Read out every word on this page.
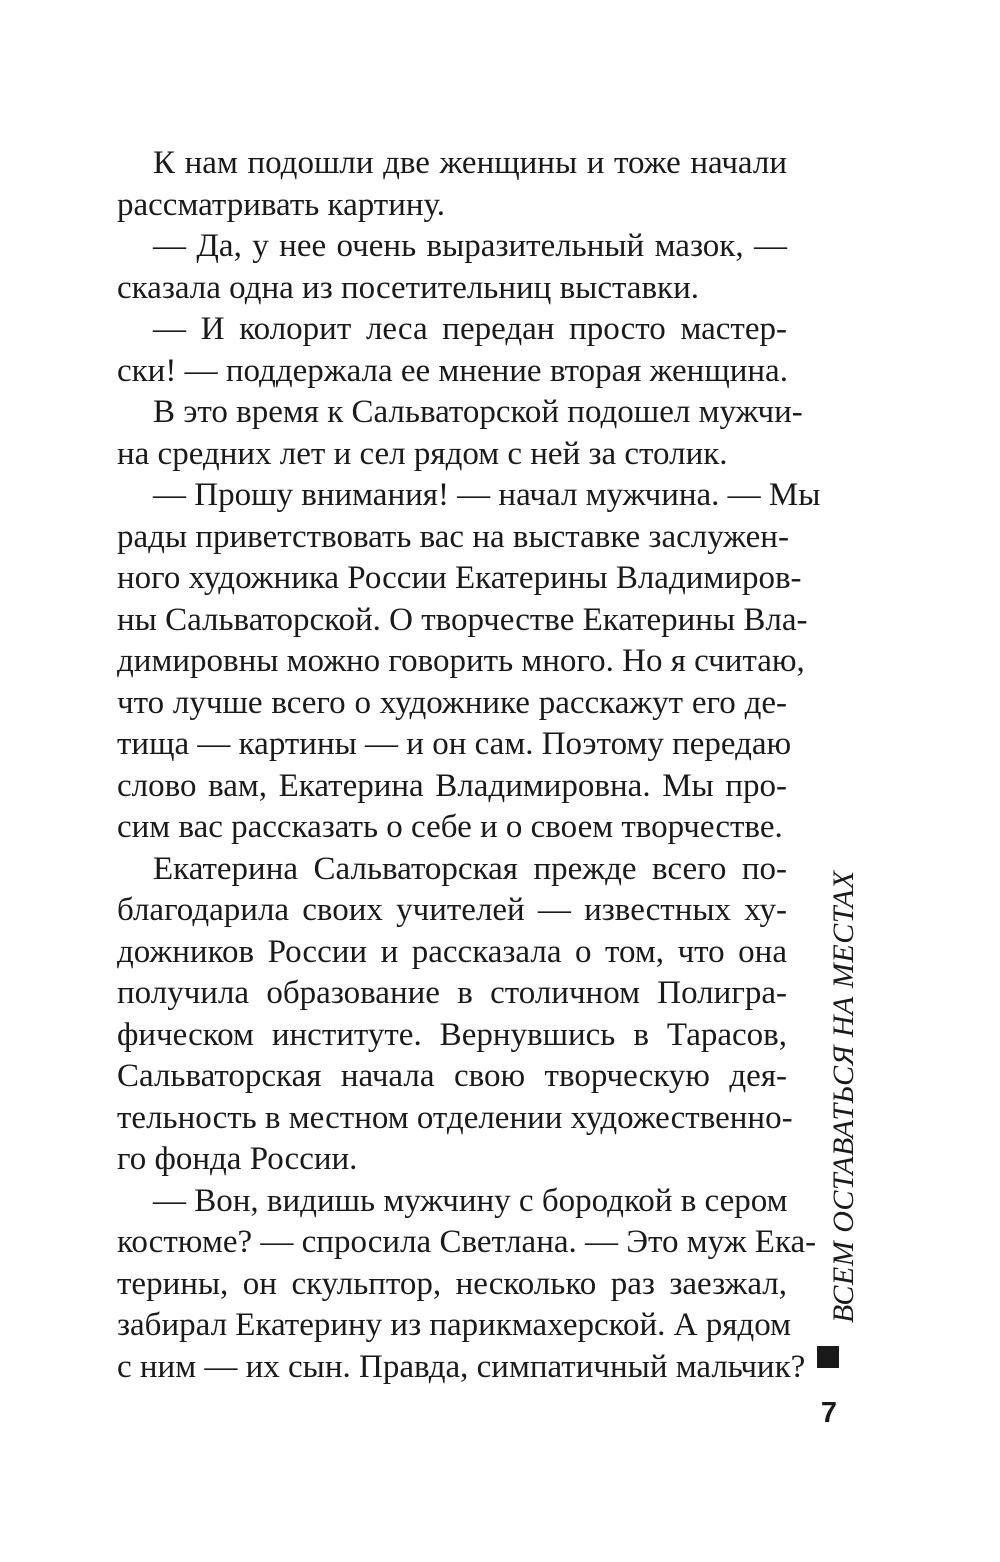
К нам подошли две женщины и тоже начали
рассматривать картину.
— Да, у нее очень выразительный мазок, —
сказала одна из посетительниц выставки.
— И колорит леса передан просто мастер-
ски! — поддержала ее мнение вторая женщина.
В это время к Сальваторской подошел мужчи-
на средних лет и сел рядом с ней за столик.
— Прошу внимания! — начал мужчина. — Мы
рады приветствовать вас на выставке заслужен-
ного художника России Екатерины Владимиров-
ны Сальваторской. О творчестве Екатерины Вла-
димировны можно говорить много. Но я считаю,
что лучше всего о художнике расскажут его де-
тища — картины — и он сам. Поэтому передаю
слово вам, Екатерина Владимировна. Мы про-
сим вас рассказать о себе и о своем творчестве.
Екатерина Сальваторская прежде всего по-
благодарила своих учителей — известных ху-
дожников России и рассказала о том, что она
получила образование в столичном Полигра-
фическом институте. Вернувшись в Тарасов,
Сальваторская начала свою творческую дея-
тельность в местном отделении художественно-
го фонда России.
— Вон, видишь мужчину с бородкой в сером
костюме? — спросила Светлана. — Это муж Ека-
терины, он скульптор, несколько раз заезжал,
забирал Екатерину из парикмахерской. А рядом
с ним — их сын. Правда, симпатичный мальчик?
ВСЕМ ОСТАВАТЬСЯ НА МЕСТАХ
7
